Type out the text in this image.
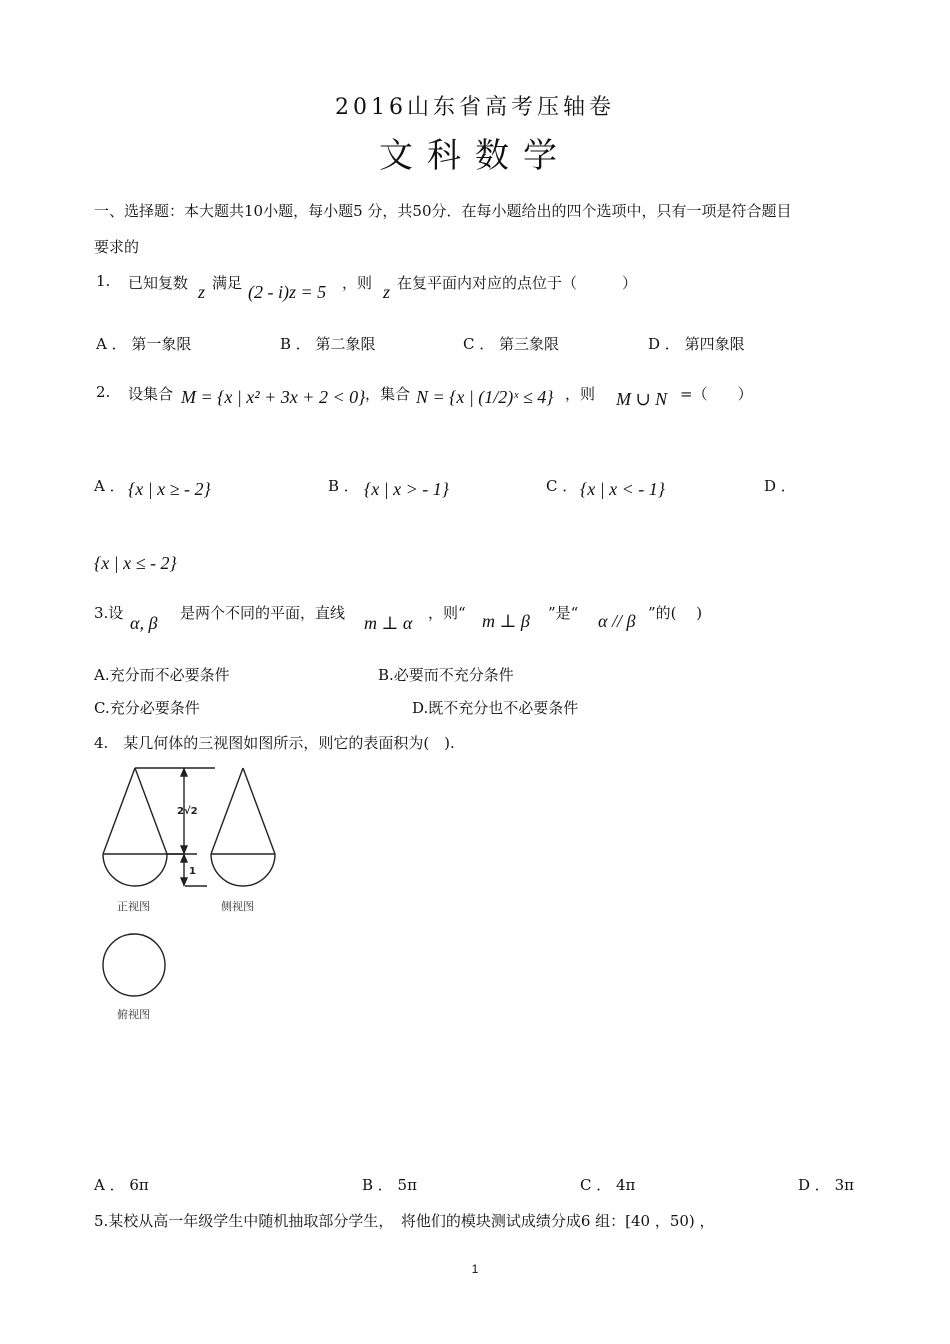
2016山东省高考压轴卷
文科数学
一、选择题：本大题共10小题，每小题5 分，共50分．在每小题给出的四个选项中，只有一项是符合题目
要求的
1. 已知复数 z 满足 (2 - i)z = 5 ，则 z 在复平面内对应的点位于（　　　）
A ． 第一象限	B ． 第二象限	C ． 第三象限	D ． 第四象限
2. 设集合 M = {x | x² + 3x + 2 < 0} ，集合 N = {x | (1/2)ˣ ≤ 4} ，则 M ∪ N =（　　）
A ． {x | x ≥ - 2}	B ． {x | x > - 1}	C ． {x | x < - 1}	D ．
{x | x ≤ - 2}
3.设 α, β 是两个不同的平面，直线 m ⊥ α ，则“ m ⊥ β ”是“ α // β ”的(　 )
A.充分而不必要条件	B.必要而不充分条件
C.充分必要条件	D.既不充分也不必要条件
4.　某几何体的三视图如图所示，则它的表面积为(　).
2√2
1
正视图	侧视图
俯视图
A ． 6π	B ． 5π	C ． 4π	D ． 3π
5.某校从高一年级学生中随机抽取部分学生，　将他们的模块测试成绩分成6 组：[40 ，50) ，
1
